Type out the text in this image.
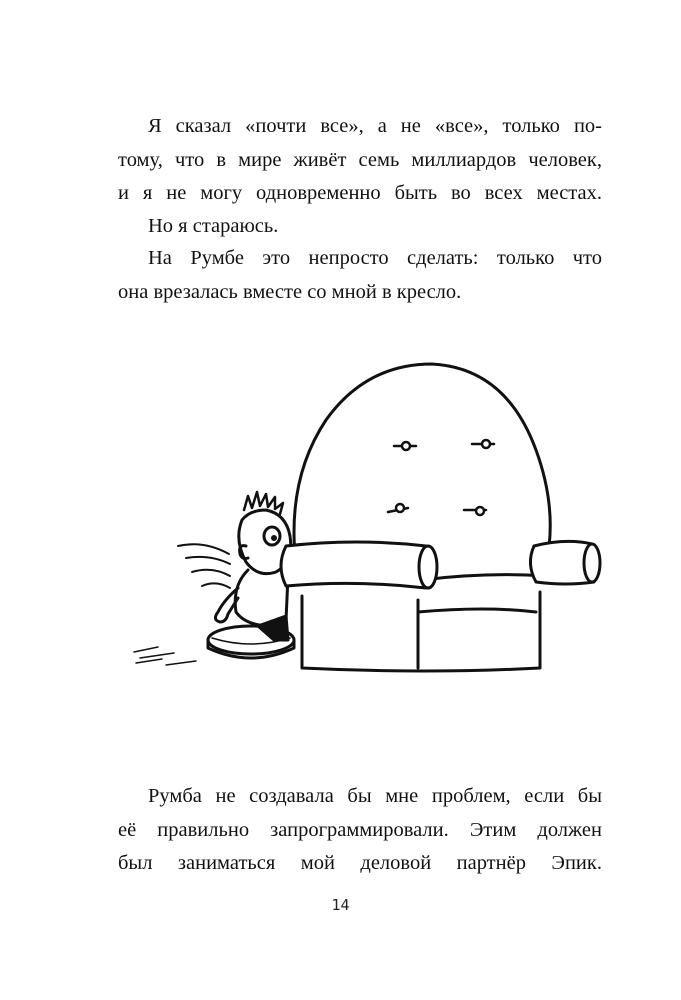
Я сказал «почти все», а не «все», только по-
тому, что в мире живёт семь миллиардов человек,
и я не могу одновременно быть во всех местах.
Но я стараюсь.
На Румбе это непросто сделать: только что
она врезалась вместе со мной в кресло.
Румба не создавала бы мне проблем, если бы
её правильно запрограммировали. Этим должен
был заниматься мой деловой партнёр Эпик.
14
